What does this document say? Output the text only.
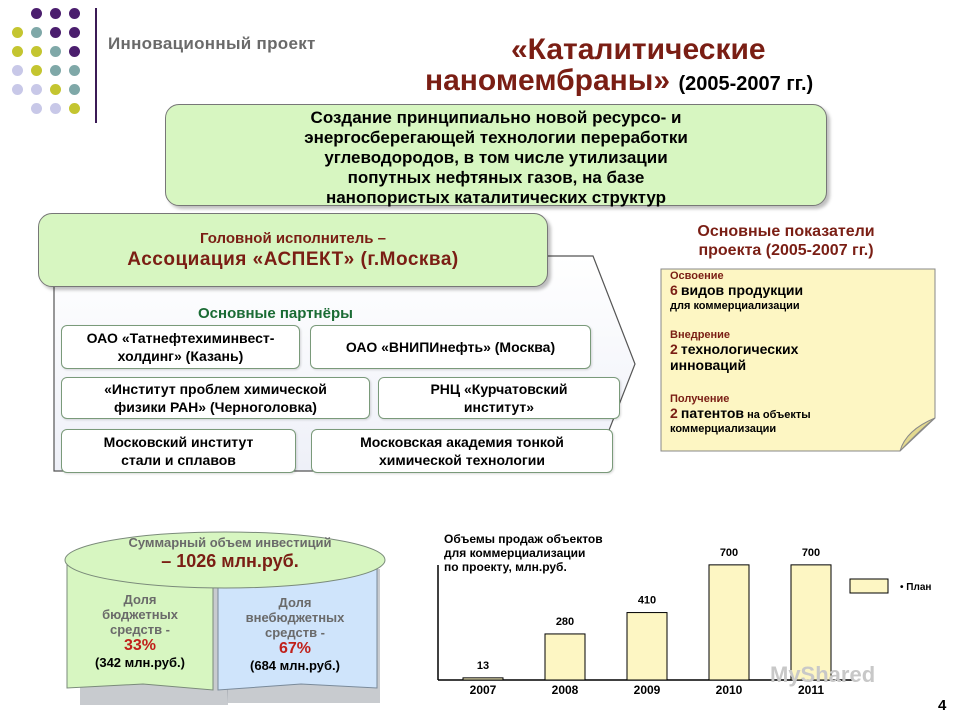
Инновационный проект	«Каталитические
наномембраны» (2005-2007 гг.)
Создание принципиально новой ресурсо- и
энергосберегающей технологии переработки
углеводородов, в том числе утилизации
попутных нефтяных газов, на базе
нанопористых каталитических структур
Головной исполнитель –
Ассоциация «АСПЕКТ» (г.Москва)
Основные партнёры
ОАО «Татнефтехиминвест-
холдинг» (Казань)
ОАО «ВНИПИнефть» (Москва)
«Институт проблем химической
физики РАН» (Черноголовка)
РНЦ «Курчатовский
институт»
Московский институт
стали и сплавов
Московская академия тонкой
химической технологии
Основные показатели
проекта (2005-2007 гг.)
Освоение
6 видов продукции
для коммерциализации
Внедрение
2 технологических
инноваций
Получение
2 патентов на объекты
коммерциализации
Суммарный объем инвестиций
– 1026 млн.руб.
Доля
бюджетных
средств -
33%
(342 млн.руб.)
Доля
внебюджетных
средств -
67%
(684 млн.руб.)
Объемы продаж объектов
для коммерциализации
по проекту, млн.руб.
13
2007
280
2008
410
2009
700
2010
700
2011
• План
MyShared
4
